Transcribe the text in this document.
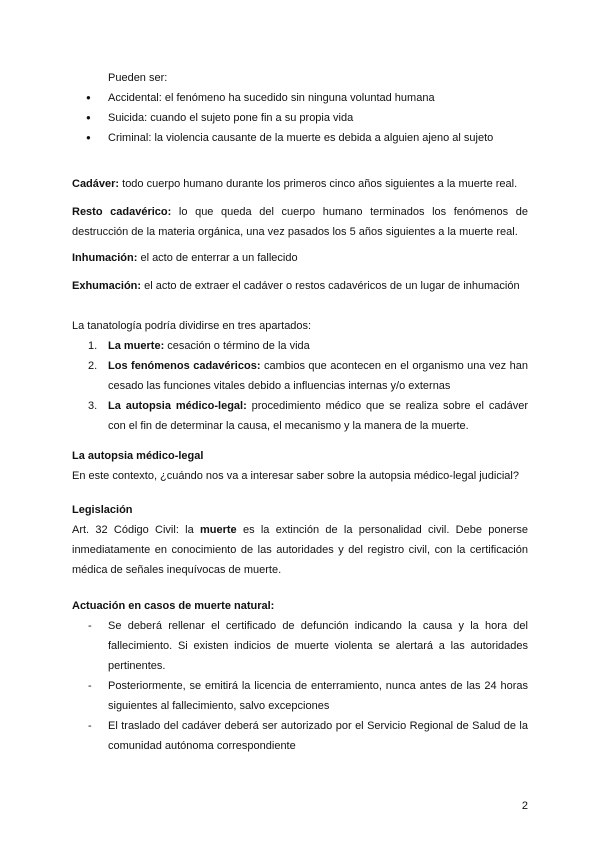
Pueden ser:
● Accidental: el fenómeno ha sucedido sin ninguna voluntad humana
● Suicida: cuando el sujeto pone fin a su propia vida
● Criminal: la violencia causante de la muerte es debida a alguien ajeno al sujeto
Cadáver: todo cuerpo humano durante los primeros cinco años siguientes a la muerte real.
Resto cadavérico: lo que queda del cuerpo humano terminados los fenómenos de destrucción de la materia orgánica, una vez pasados los 5 años siguientes a la muerte real.
Inhumación: el acto de enterrar a un fallecido
Exhumación: el acto de extraer el cadáver o restos cadavéricos de un lugar de inhumación
La tanatología podría dividirse en tres apartados:
1. La muerte: cesación o término de la vida
2. Los fenómenos cadavéricos: cambios que acontecen en el organismo una vez han cesado las funciones vitales debido a influencias internas y/o externas
3. La autopsia médico-legal: procedimiento médico que se realiza sobre el cadáver con el fin de determinar la causa, el mecanismo y la manera de la muerte.
La autopsia médico-legal
En este contexto, ¿cuándo nos va a interesar saber sobre la autopsia médico-legal judicial?
Legislación
Art. 32 Código Civil: la muerte es la extinción de la personalidad civil. Debe ponerse inmediatamente en conocimiento de las autoridades y del registro civil, con la certificación médica de señales inequívocas de muerte.
Actuación en casos de muerte natural:
- Se deberá rellenar el certificado de defunción indicando la causa y la hora del fallecimiento. Si existen indicios de muerte violenta se alertará a las autoridades pertinentes.
- Posteriormente, se emitirá la licencia de enterramiento, nunca antes de las 24 horas siguientes al fallecimiento, salvo excepciones
- El traslado del cadáver deberá ser autorizado por el Servicio Regional de Salud de la comunidad autónoma correspondiente
2
